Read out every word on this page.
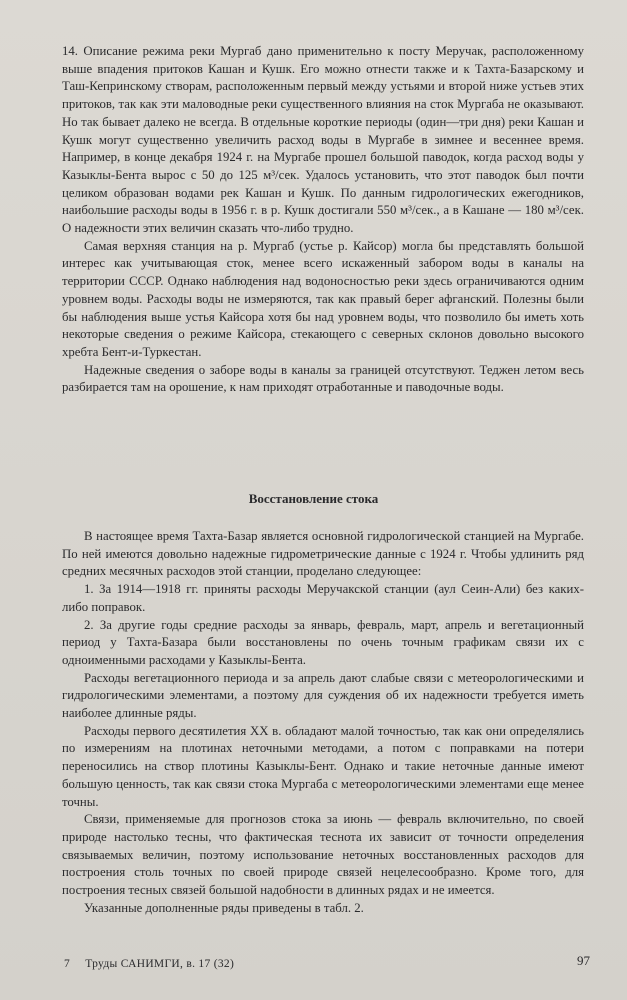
14. Описание режима реки Мургаб дано применительно к посту Меручак, расположенному выше впадения притоков Кашан и Кушк. Его можно отнести также и к Тахта-Базарскому и Таш-Кепринскому створам, расположенным первый между устьями и второй ниже устьев этих притоков, так как эти маловодные реки существенного влияния на сток Мургаба не оказывают. Но так бывает далеко не всегда. В отдельные короткие периоды (один—три дня) реки Кашан и Кушк могут существенно увеличить расход воды в Мургабе в зимнее и весеннее время. Например, в конце декабря 1924 г. на Мургабе прошел большой паводок, когда расход воды у Казыклы-Бента вырос с 50 до 125 м³/сек. Удалось установить, что этот паводок был почти целиком образован водами рек Кашан и Кушк. По данным гидрологических ежегодников, наибольшие расходы воды в 1956 г. в р. Кушк достигали 550 м³/сек., а в Кашане — 180 м³/сек. О надежности этих величин сказать что-либо трудно.

Самая верхняя станция на р. Мургаб (устье р. Кайсор) могла бы представлять большой интерес как учитывающая сток, менее всего искаженный забором воды в каналы на территории СССР. Однако наблюдения над водоносностью реки здесь ограничиваются одним уровнем воды. Расходы воды не измеряются, так как правый берег афганский. Полезны были бы наблюдения выше устья Кайсора хотя бы над уровнем воды, что позволило бы иметь хоть некоторые сведения о режиме Кайсора, стекающего с северных склонов довольно высокого хребта Бент-и-Туркестан.

Надежные сведения о заборе воды в каналы за границей отсутствуют. Теджен летом весь разбирается там на орошение, к нам приходят отработанные и паводочные воды.

Восстановление стока

В настоящее время Тахта-Базар является основной гидрологической станцией на Мургабе. По ней имеются довольно надежные гидрометрические данные с 1924 г. Чтобы удлинить ряд средних месячных расходов этой станции, проделано следующее:

1. За 1914—1918 гг. приняты расходы Меручакской станции (аул Сеин-Али) без каких-либо поправок.

2. За другие годы средние расходы за январь, февраль, март, апрель и вегетационный период у Тахта-Базара были восстановлены по очень точным графикам связи их с одноименными расходами у Казыклы-Бента.

Расходы вегетационного периода и за апрель дают слабые связи с метеорологическими и гидрологическими элементами, а поэтому для суждения об их надежности требуется иметь наиболее длинные ряды.

Расходы первого десятилетия XX в. обладают малой точностью, так как они определялись по измерениям на плотинах неточными методами, а потом с поправками на потери переносились на створ плотины Казыклы-Бент. Однако и такие неточные данные имеют большую ценность, так как связи стока Мургаба с метеорологическими элементами еще менее точны.

Связи, применяемые для прогнозов стока за июнь — февраль включительно, по своей природе настолько тесны, что фактическая теснота их зависит от точности определения связываемых величин, поэтому использование неточных восстановленных расходов для построения столь точных по своей природе связей нецелесообразно. Кроме того, для построения тесных связей большой надобности в длинных рядах и не имеется.

Указанные дополненные ряды приведены в табл. 2.

7 Труды САНИМГИ, в. 17 (32)	97
